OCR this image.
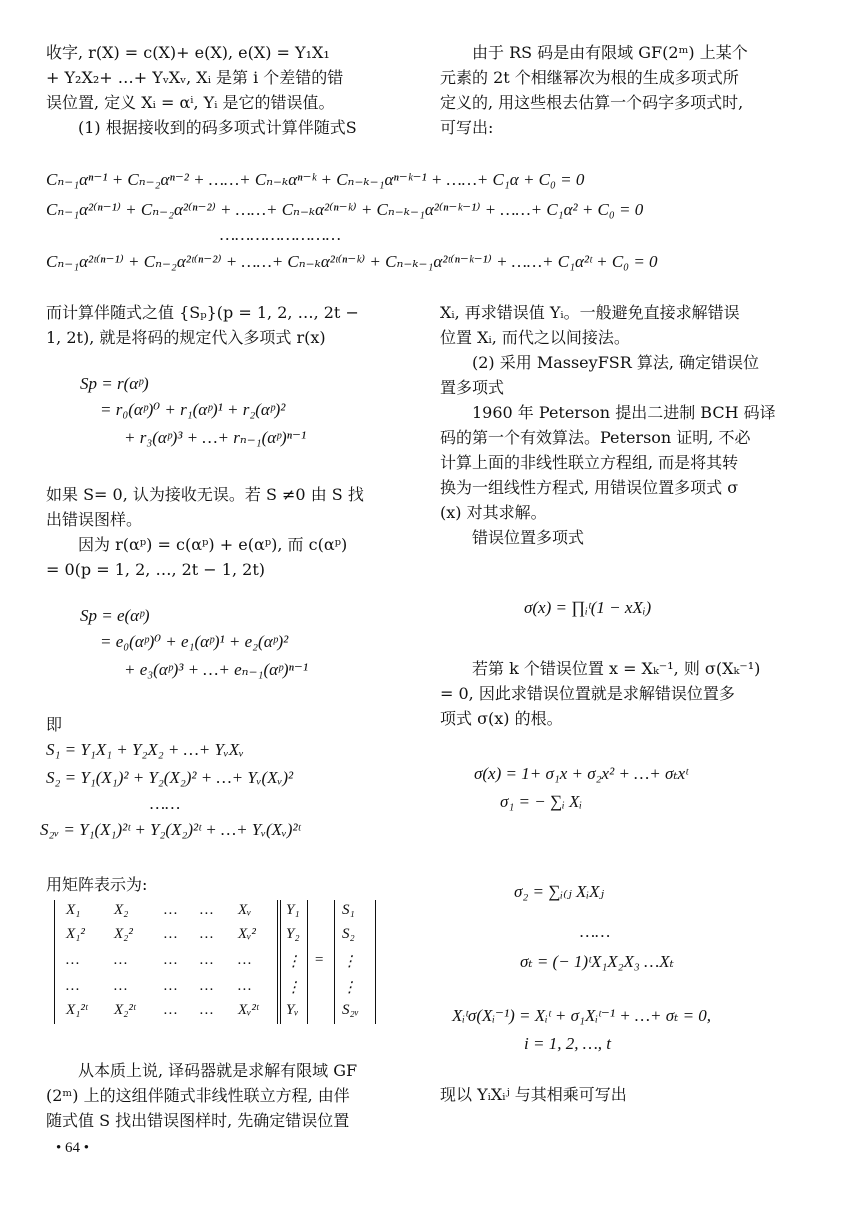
收字, r(X) = c(X)+ e(X), e(X) = Y₁X₁

+ Y₂X₂+ …+ YᵥXᵥ, Xᵢ 是第 i 个差错的错

误位置, 定义 Xᵢ = αⁱ, Yᵢ 是它的错误值。

(1) 根据接收到的码多项式计算伴随式S

由于 RS 码是由有限域 GF(2ᵐ) 上某个

元素的 2t 个相继幂次为根的生成多项式所

定义的, 用这些根去估算一个码字多项式时,

可写出:

Cₙ₋₁αⁿ⁻¹ + Cₙ₋₂αⁿ⁻² + ……+ Cₙ₋ₖαⁿ⁻ᵏ + Cₙ₋ₖ₋₁αⁿ⁻ᵏ⁻¹ + ……+ C₁α + C₀ = 0
Cₙ₋₁α²⁽ⁿ⁻¹⁾ + Cₙ₋₂α²⁽ⁿ⁻²⁾ + ……+ Cₙ₋ₖα²⁽ⁿ⁻ᵏ⁾ + Cₙ₋ₖ₋₁α²⁽ⁿ⁻ᵏ⁻¹⁾ + ……+ C₁α² + C₀ = 0
……………………
Cₙ₋₁α²ᵗ⁽ⁿ⁻¹⁾ + Cₙ₋₂α²ᵗ⁽ⁿ⁻²⁾ + ……+ Cₙ₋ₖα²ᵗ⁽ⁿ⁻ᵏ⁾ + Cₙ₋ₖ₋₁α²ᵗ⁽ⁿ⁻ᵏ⁻¹⁾ + ……+ C₁α²ᵗ + C₀ = 0

而计算伴随式之值 {Sₚ}(p = 1, 2, …, 2t −

1, 2t), 就是将码的规定代入多项式 r(x)

Sp = r(αᵖ)
= r₀(αᵖ)⁰ + r₁(αᵖ)¹ + r₂(αᵖ)²
+ r₃(αᵖ)³ + …+ rₙ₋₁(αᵖ)ⁿ⁻¹

如果 S= 0, 认为接收无误。若 S ≠0 由 S 找

出错误图样。

因为 r(αᵖ) = c(αᵖ) + e(αᵖ), 而 c(αᵖ)

= 0(p = 1, 2, …, 2t − 1, 2t)

Sp = e(αᵖ)
= e₀(αᵖ)⁰ + e₁(αᵖ)¹ + e₂(αᵖ)²
+ e₃(αᵖ)³ + …+ eₙ₋₁(αᵖ)ⁿ⁻¹
即
S₁ = Y₁X₁ + Y₂X₂ + …+ YᵥXᵥ
S₂ = Y₁(X₁)² + Y₂(X₂)² + …+ Yᵥ(Xᵥ)²
……
S₂ᵥ = Y₁(X₁)²ᵗ + Y₂(X₂)²ᵗ + …+ Yᵥ(Xᵥ)²ᵗ
用矩阵表示为:
=
X₁ X₂ … … Xᵥ
X₁² X₂² … … Xᵥ²
… … … … …
… … … … …
X₁²ᵗ X₂²ᵗ … … Xᵥ²ᵗ
Y₁
Y₂
⋮
⋮
Yᵥ
S₁
S₂
⋮
⋮
S₂ᵥ

从本质上说, 译码器就是求解有限域 GF

(2ᵐ) 上的这组伴随式非线性联立方程, 由伴

随式值 S 找出错误图样时, 先确定错误位置

• 64 •

Xᵢ, 再求错误值 Yᵢ。一般避免直接求解错误

位置 Xᵢ, 而代之以间接法。

(2) 采用 MasseyFSR 算法, 确定错误位

置多项式

1960 年 Peterson 提出二进制 BCH 码译

码的第一个有效算法。Peterson 证明, 不必

计算上面的非线性联立方程组, 而是将其转

换为一组线性方程式, 用错误位置多项式 σ

(x) 对其求解。

错误位置多项式

σ(x) = ∏ᵢᵗ(1 − xXᵢ)

若第 k 个错误位置 x = Xₖ⁻¹, 则 σ(Xₖ⁻¹)

= 0, 因此求错误位置就是求解错误位置多

项式 σ(x) 的根。

σ(x) = 1+ σ₁x + σ₂x² + …+ σₜxᵗ
σ₁ = − ∑ᵢ Xᵢ
σ₂ = ∑ᵢ₍ⱼ XᵢXⱼ
……
σₜ = (− 1)ᵗX₁X₂X₃ …Xₜ
Xᵢᵗσ(Xᵢ⁻¹) = Xᵢᵗ + σ₁Xᵢᵗ⁻¹ + …+ σₜ = 0,
i = 1, 2, …, t
现以 YᵢXᵢʲ 与其相乘可写出
